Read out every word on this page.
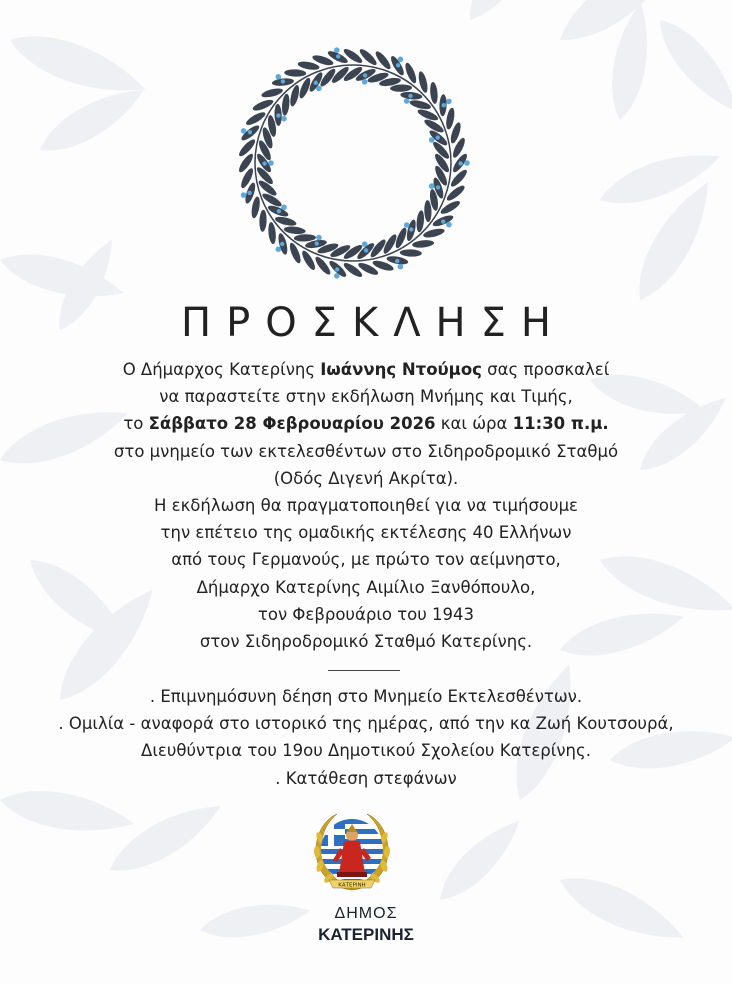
ΠΡΟΣΚΛΗΣΗ
Ο Δήμαρχος Κατερίνης Ιωάννης Ντούμος σας προσκαλεί
να παραστείτε στην εκδήλωση Μνήμης και Τιμής,
το Σάββατο 28 Φεβρουαρίου 2026 και ώρα 11:30 π.μ.
στο μνημείο των εκτελεσθέντων στο Σιδηροδρομικό Σταθμό
(Οδός Διγενή Ακρίτα).
Η εκδήλωση θα πραγματοποιηθεί για να τιμήσουμε
την επέτειο της ομαδικής εκτέλεσης 40 Ελλήνων
από τους Γερμανούς, με πρώτο τον αείμνηστο,
Δήμαρχο Κατερίνης Αιμίλιο Ξανθόπουλο,
τον Φεβρουάριο του 1943
στον Σιδηροδρομικό Σταθμό Κατερίνης.
. Επιμνημόσυνη δέηση στο Μνημείο Εκτελεσθέντων.
. Ομιλία - αναφορά στο ιστορικό της ημέρας, από την κα Ζωή Κουτσουρά,
Διευθύντρια του 19ου Δημοτικού Σχολείου Κατερίνης.
. Κατάθεση στεφάνων
ΚΑΤΕΡΙΝΗ
ΔΗΜΟΣ
ΚΑΤΕΡΙΝΗΣ
